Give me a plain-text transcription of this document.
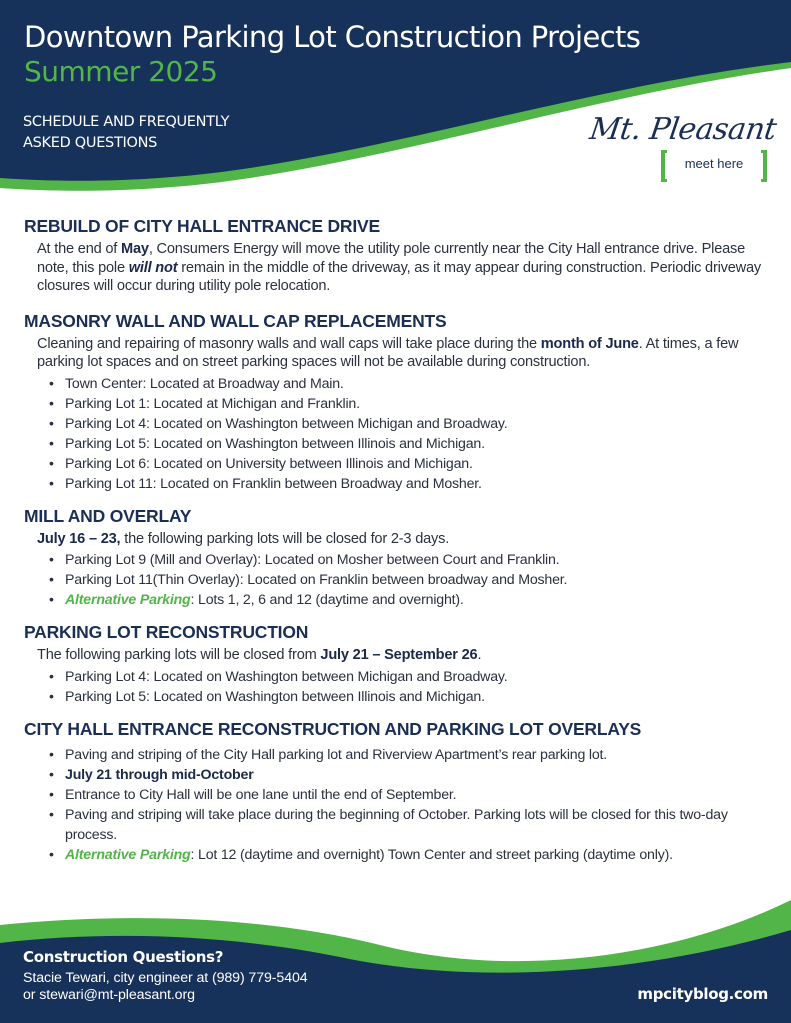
Downtown Parking Lot Construction Projects
Summer 2025
SCHEDULE AND FREQUENTLY
ASKED QUESTIONS	Mt. Pleasant
meet here
REBUILD OF CITY HALL ENTRANCE DRIVE

At the end of May, Consumers Energy will move the utility pole currently near the City Hall entrance drive. Please note, this pole will not remain in the middle of the driveway, as it may appear during construction. Periodic driveway closures will occur during utility pole relocation.

MASONRY WALL AND WALL CAP REPLACEMENTS

Cleaning and repairing of masonry walls and wall caps will take place during the month of June. At times, a few parking lot spaces and on street parking spaces will not be available during construction.

• Town Center: Located at Broadway and Main.
• Parking Lot 1: Located at Michigan and Franklin.
• Parking Lot 4: Located on Washington between Michigan and Broadway.
• Parking Lot 5: Located on Washington between Illinois and Michigan.
• Parking Lot 6: Located on University between Illinois and Michigan.
• Parking Lot 11: Located on Franklin between Broadway and Mosher.
MILL AND OVERLAY

July 16 – 23, the following parking lots will be closed for 2-3 days.

• Parking Lot 9 (Mill and Overlay): Located on Mosher between Court and Franklin.
• Parking Lot 11(Thin Overlay): Located on Franklin between broadway and Mosher.
• Alternative Parking: Lots 1, 2, 6 and 12 (daytime and overnight).
PARKING LOT RECONSTRUCTION

The following parking lots will be closed from July 21 – September 26.

• Parking Lot 4: Located on Washington between Michigan and Broadway.
• Parking Lot 5: Located on Washington between Illinois and Michigan.
CITY HALL ENTRANCE RECONSTRUCTION AND PARKING LOT OVERLAYS
• Paving and striping of the City Hall parking lot and Riverview Apartment’s rear parking lot.
• July 21 through mid-October
• Entrance to City Hall will be one lane until the end of September.
• Paving and striping will take place during the beginning of October. Parking lots will be closed for this two-day process.
• Alternative Parking: Lot 12 (daytime and overnight) Town Center and street parking (daytime only).
Construction Questions?
Stacie Tewari, city engineer at (989) 779-5404
or stewari@mt-pleasant.org	mpcityblog.com
